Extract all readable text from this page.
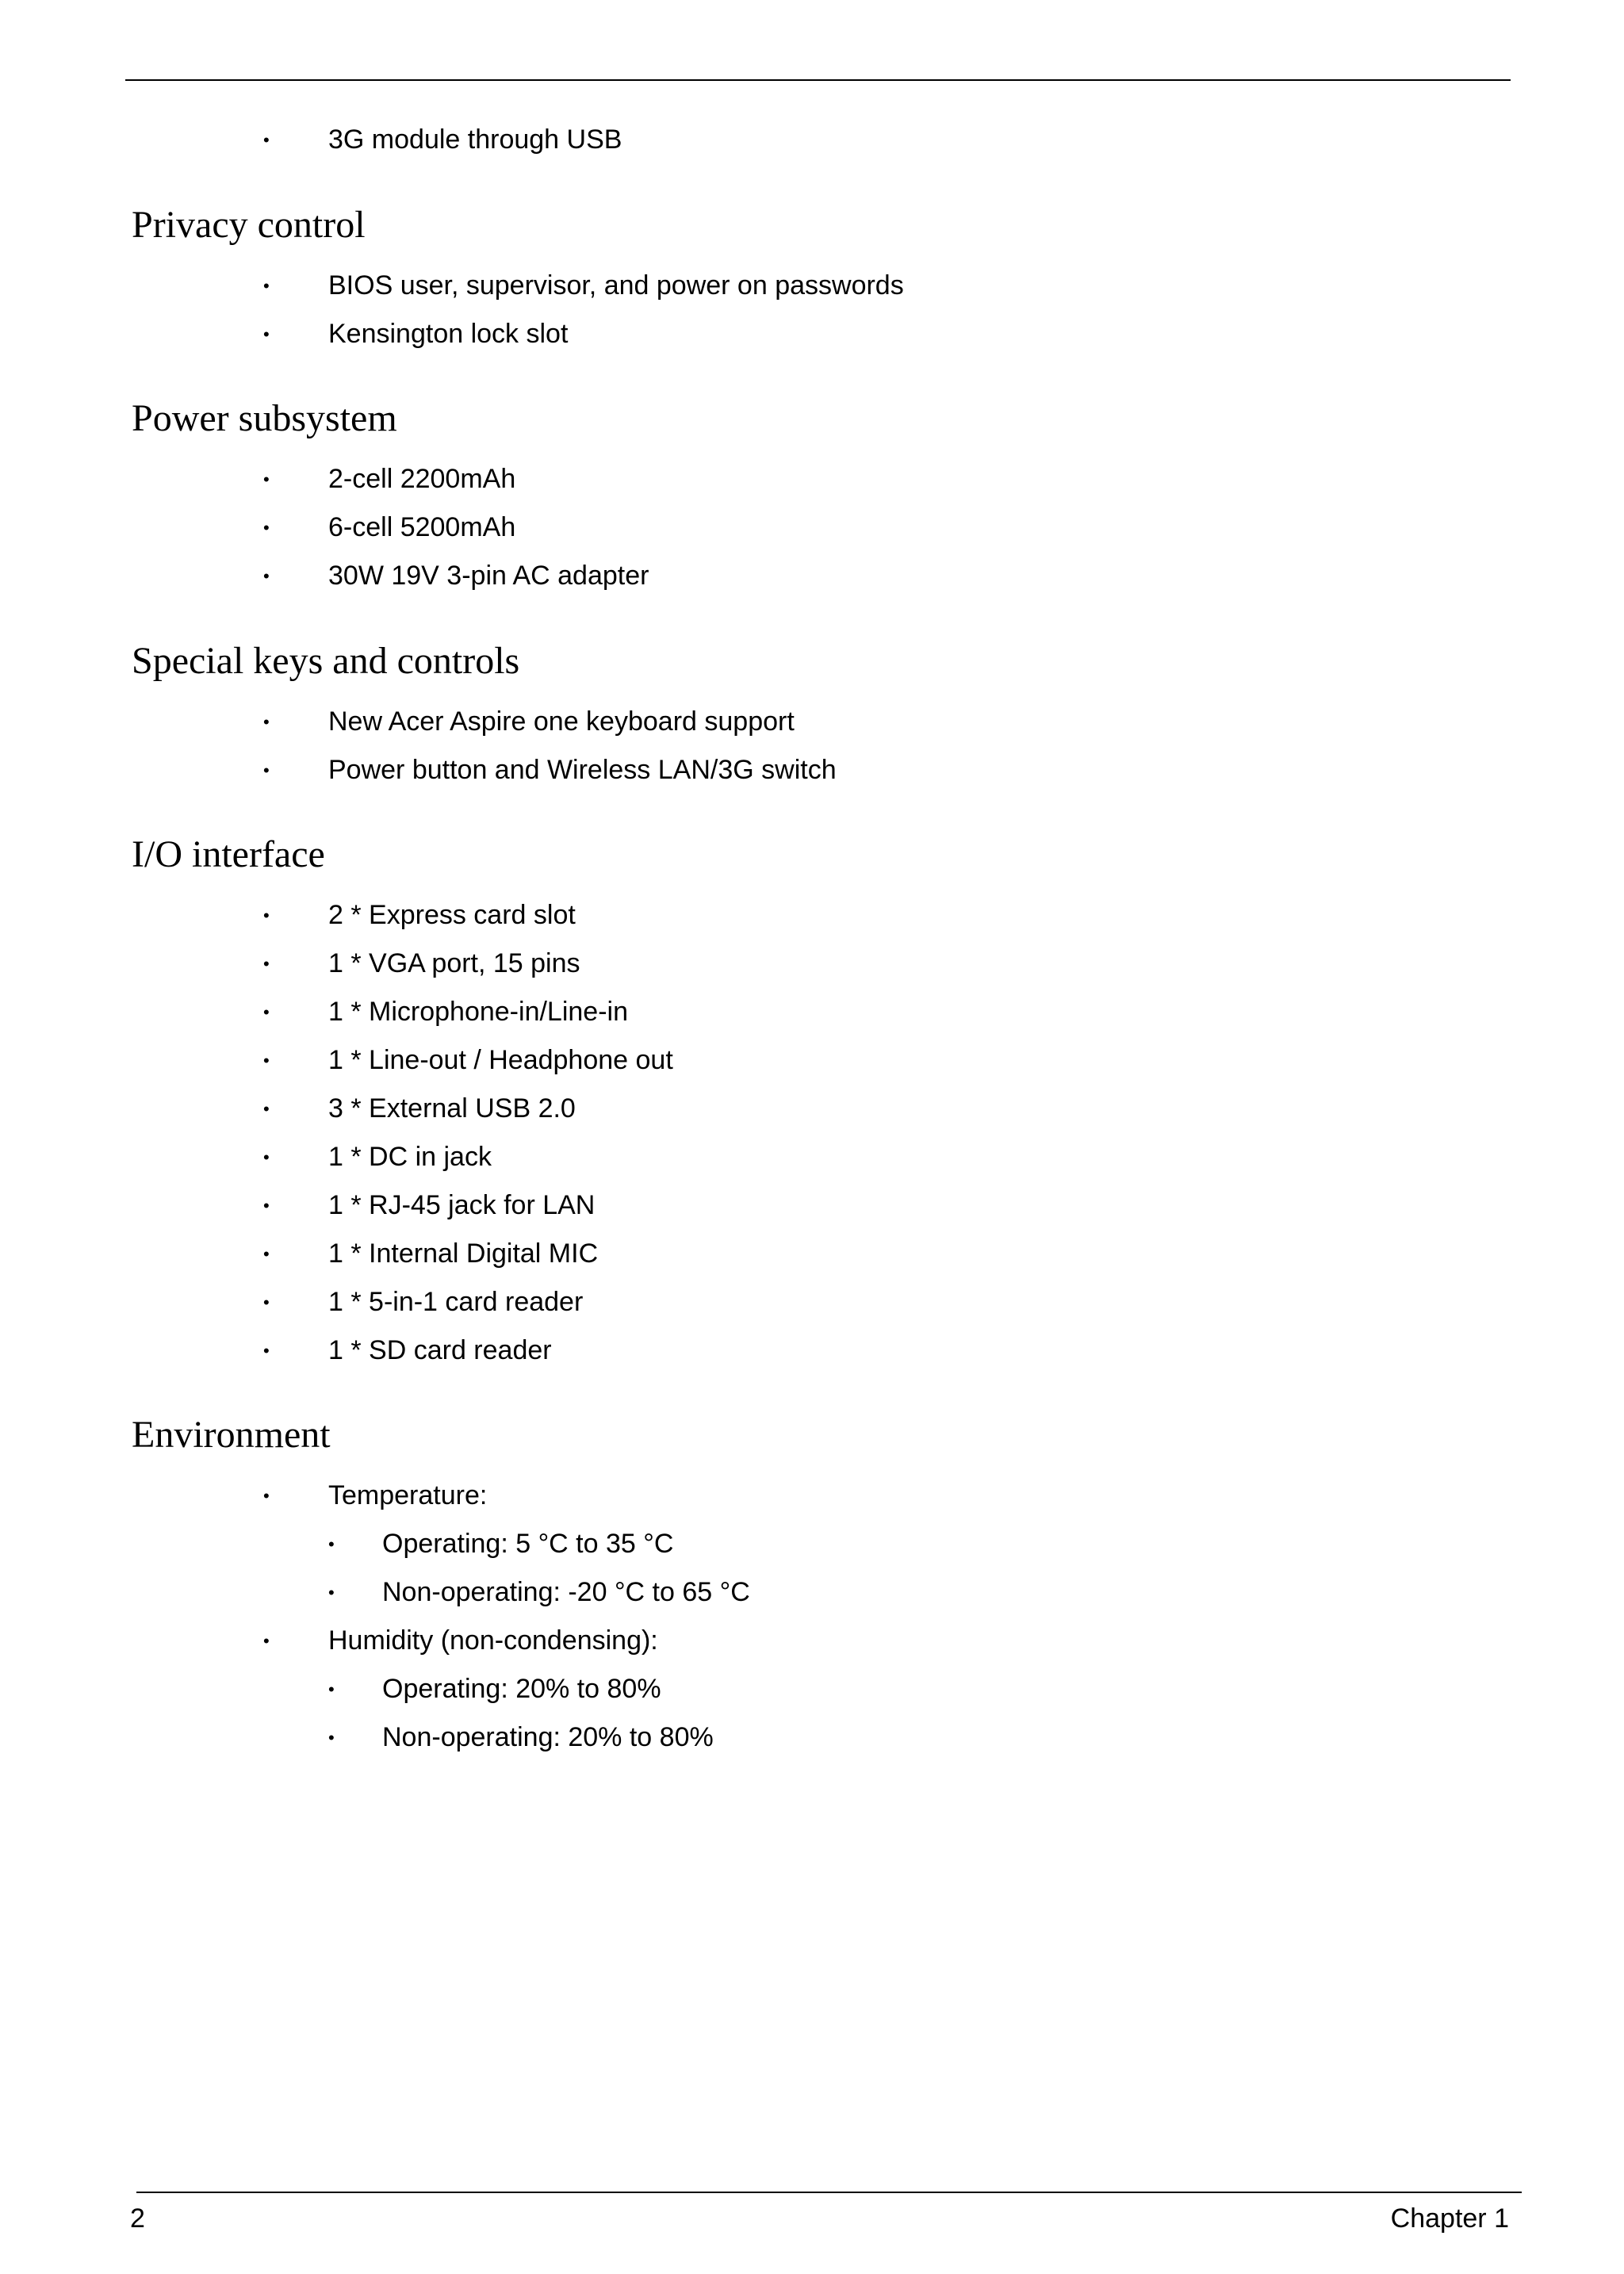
• 3G module through USB
Privacy control
• BIOS user, supervisor, and power on passwords
• Kensington lock slot
Power subsystem
• 2-cell 2200mAh
• 6-cell 5200mAh
• 30W 19V 3-pin AC adapter
Special keys and controls
• New Acer Aspire one keyboard support
• Power button and Wireless LAN/3G switch
I/O interface
• 2 * Express card slot
• 1 * VGA port, 15 pins
• 1 * Microphone-in/Line-in
• 1 * Line-out / Headphone out
• 3 * External USB 2.0
• 1 * DC in jack
• 1 * RJ-45 jack for LAN
• 1 * Internal Digital MIC
• 1 * 5-in-1 card reader
• 1 * SD card reader
Environment
• Temperature:
• Operating: 5 °C to 35 °C
• Non-operating: -20 °C to 65 °C
• Humidity (non-condensing):
• Operating: 20% to 80%
• Non-operating: 20% to 80%
2	Chapter 1
